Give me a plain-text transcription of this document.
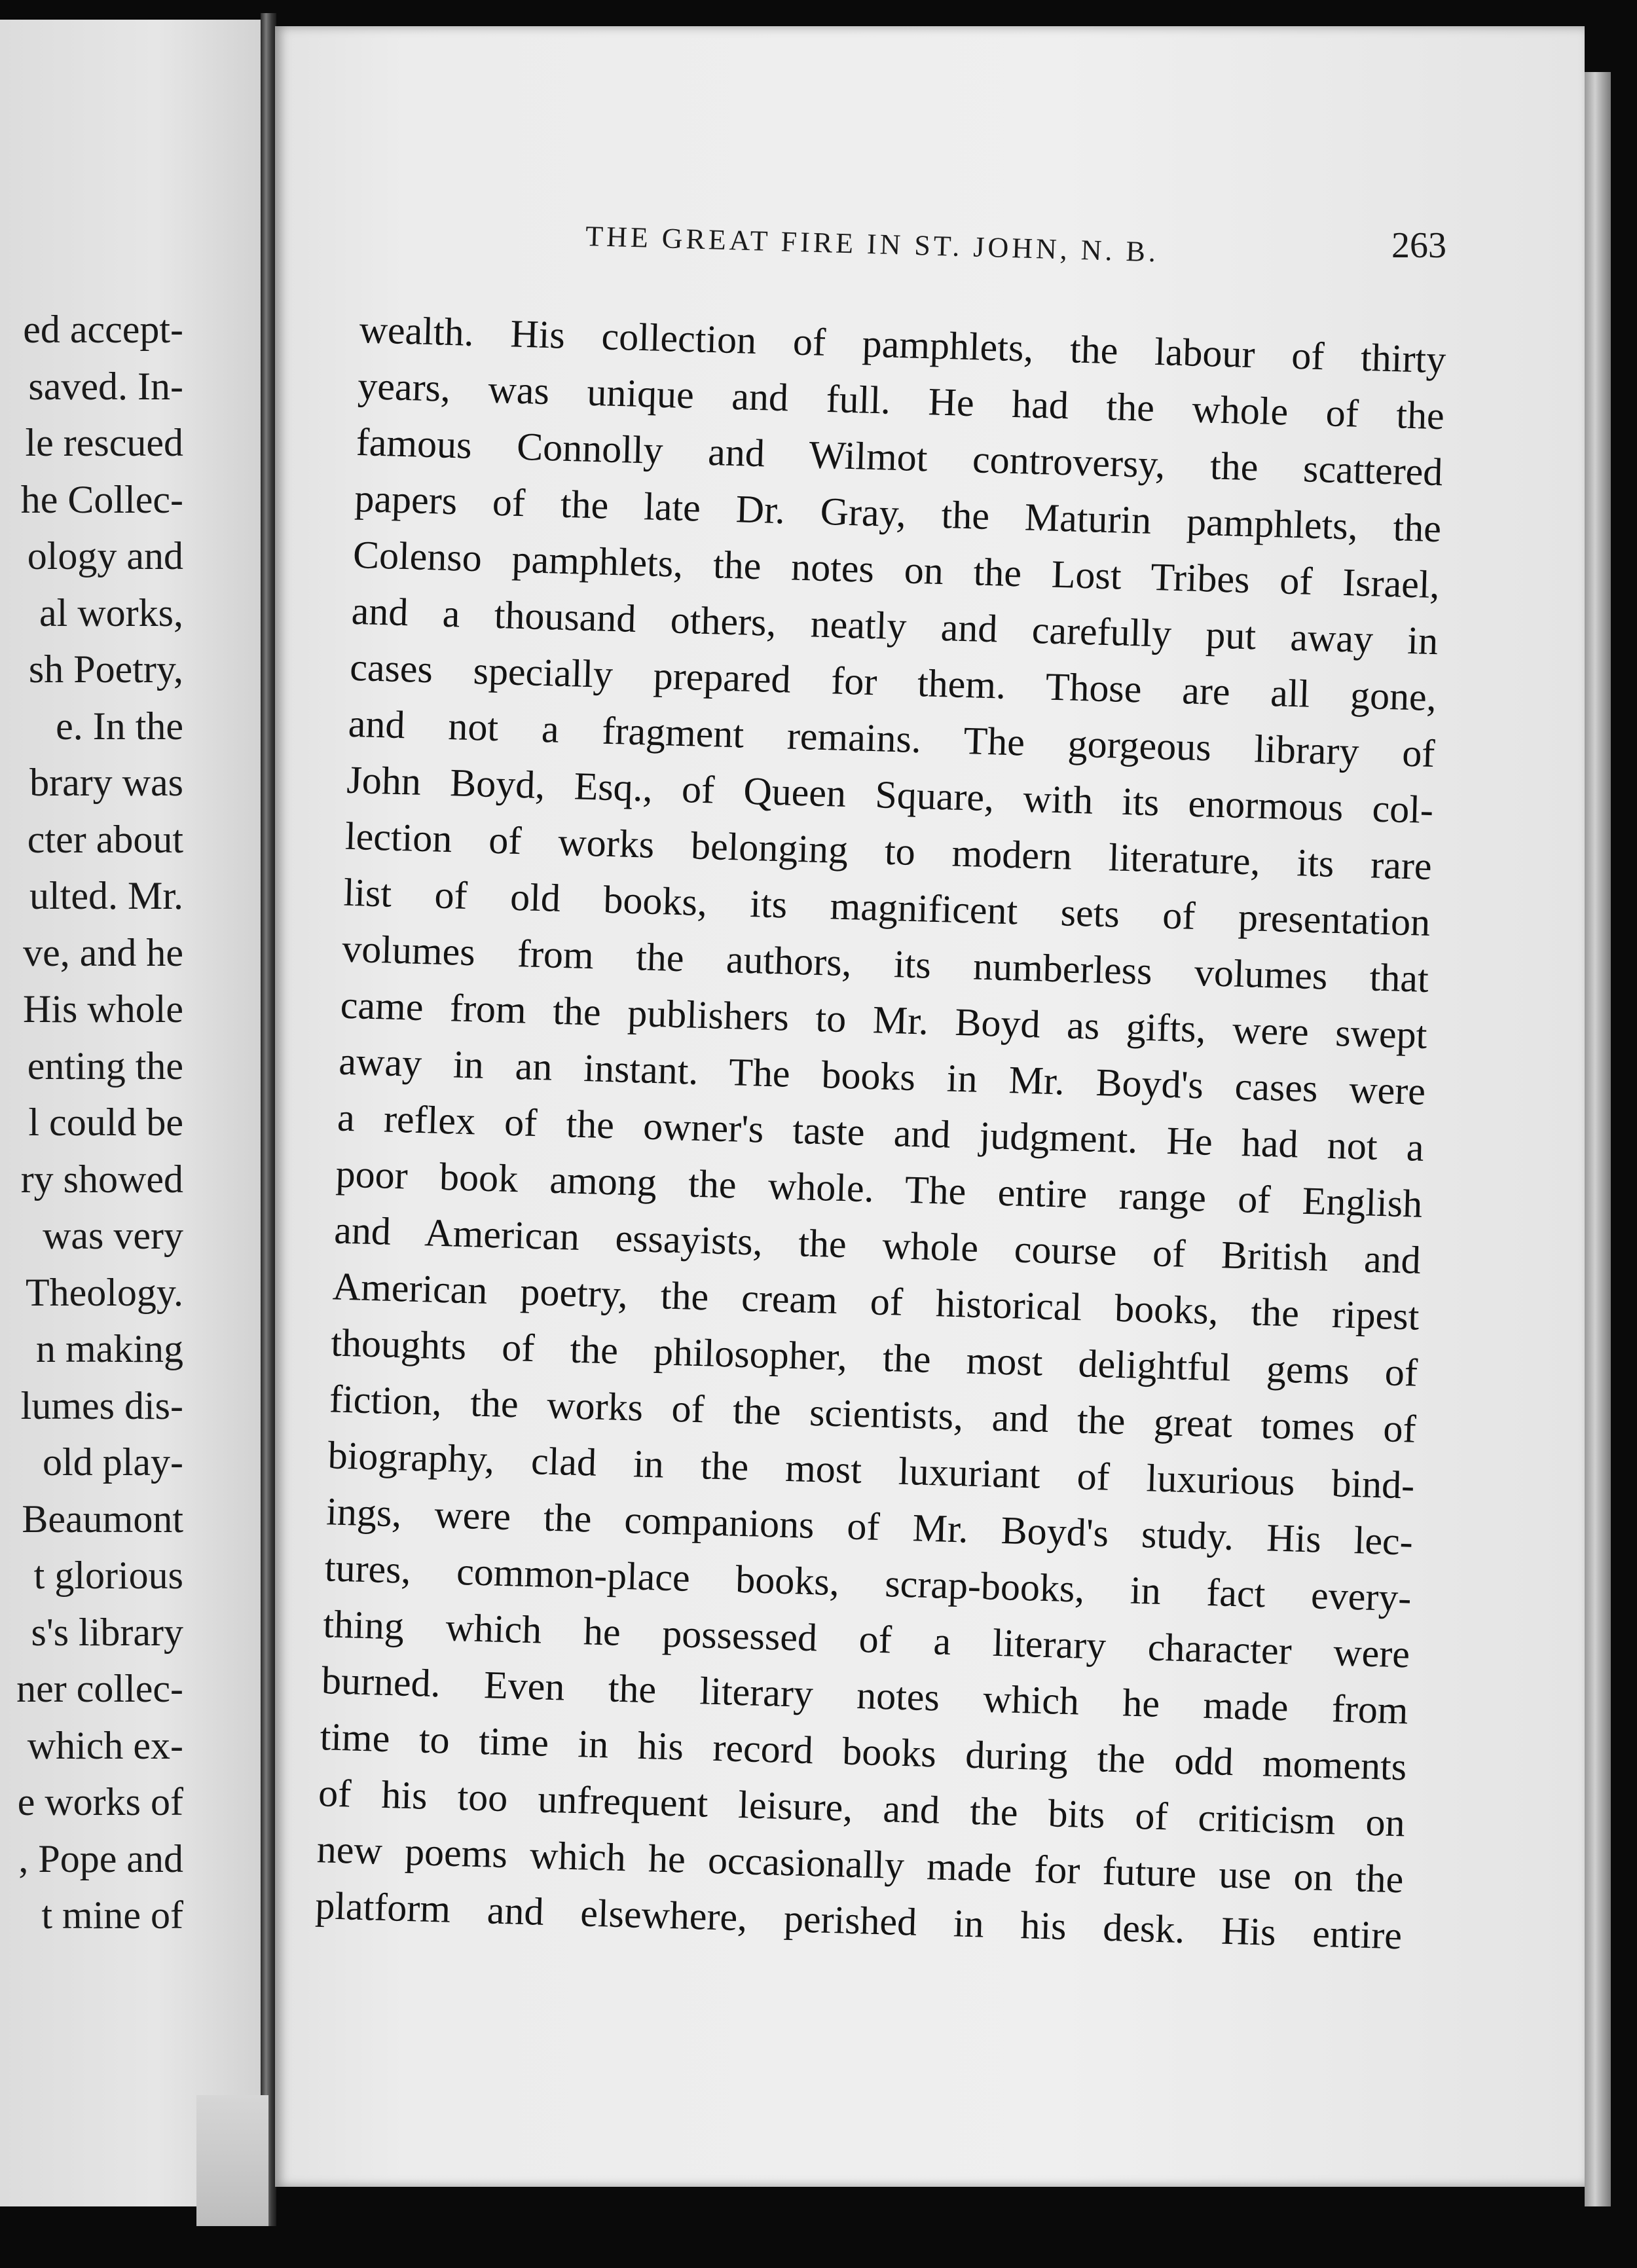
ed accept-
saved. In-
le rescued
he Collec-
ology and
al works,
sh Poetry,
e. In the
brary was
cter about
ulted. Mr.
ve, and he
His whole
enting the
l could be
ry showed
was very
Theology.
n making
lumes dis-
old play-
Beaumont
t glorious
s's library
ner collec-
which ex-
e works of
, Pope and
t mine of
THE GREAT FIRE IN ST. JOHN, N. B.	263
wealth. His collection of pamphlets, the labour of thirty
years, was unique and full. He had the whole of the
famous Connolly and Wilmot controversy, the scattered
papers of the late Dr. Gray, the Maturin pamphlets, the
Colenso pamphlets, the notes on the Lost Tribes of Israel,
and a thousand others, neatly and carefully put away in
cases specially prepared for them. Those are all gone,
and not a fragment remains. The gorgeous library of
John Boyd, Esq., of Queen Square, with its enormous col-
lection of works belonging to modern literature, its rare
list of old books, its magnificent sets of presentation
volumes from the authors, its numberless volumes that
came from the publishers to Mr. Boyd as gifts, were swept
away in an instant. The books in Mr. Boyd's cases were
a reflex of the owner's taste and judgment. He had not a
poor book among the whole. The entire range of English
and American essayists, the whole course of British and
American poetry, the cream of historical books, the ripest
thoughts of the philosopher, the most delightful gems of
fiction, the works of the scientists, and the great tomes of
biography, clad in the most luxuriant of luxurious bind-
ings, were the companions of Mr. Boyd's study. His lec-
tures, common-place books, scrap-books, in fact every-
thing which he possessed of a literary character were
burned. Even the literary notes which he made from
time to time in his record books during the odd moments
of his too unfrequent leisure, and the bits of criticism on
new poems which he occasionally made for future use on the
platform and elsewhere, perished in his desk. His entire
